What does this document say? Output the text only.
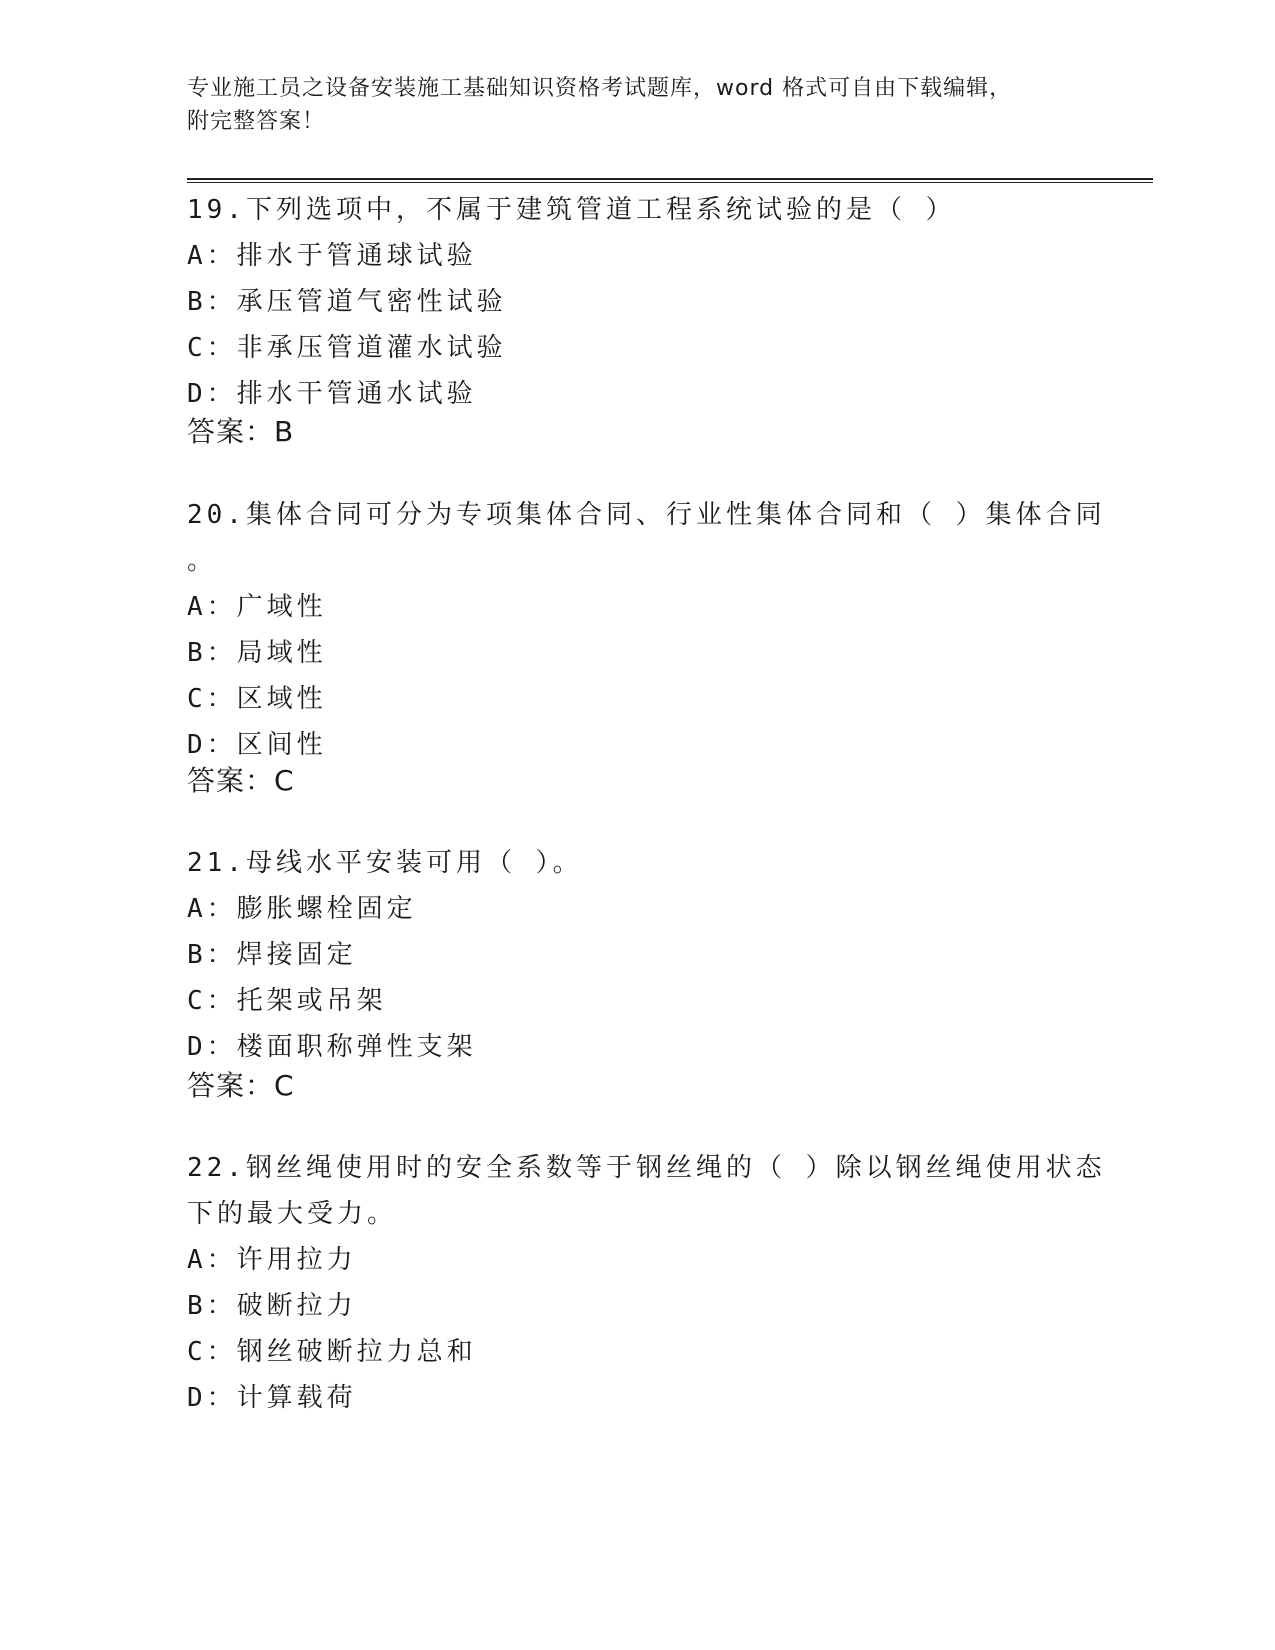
专业施工员之设备安装施工基础知识资格考试题库，word 格式可自由下载编辑，
附完整答案！
19.下列选项中，不属于建筑管道工程系统试验的是（ ）
A：排水于管通球试验
B：承压管道气密性试验
C：非承压管道灌水试验
D：排水干管通水试验
答案：B
20.集体合同可分为专项集体合同、行业性集体合同和（ ）集体合同
。
A：广域性
B：局域性
C：区域性
D：区间性
答案：C
21.母线水平安装可用（ ）。
A：膨胀螺栓固定
B：焊接固定
C：托架或吊架
D：楼面职称弹性支架
答案：C
22.钢丝绳使用时的安全系数等于钢丝绳的（ ）除以钢丝绳使用状态
下的最大受力。
A：许用拉力
B：破断拉力
C：钢丝破断拉力总和
D：计算载荷
